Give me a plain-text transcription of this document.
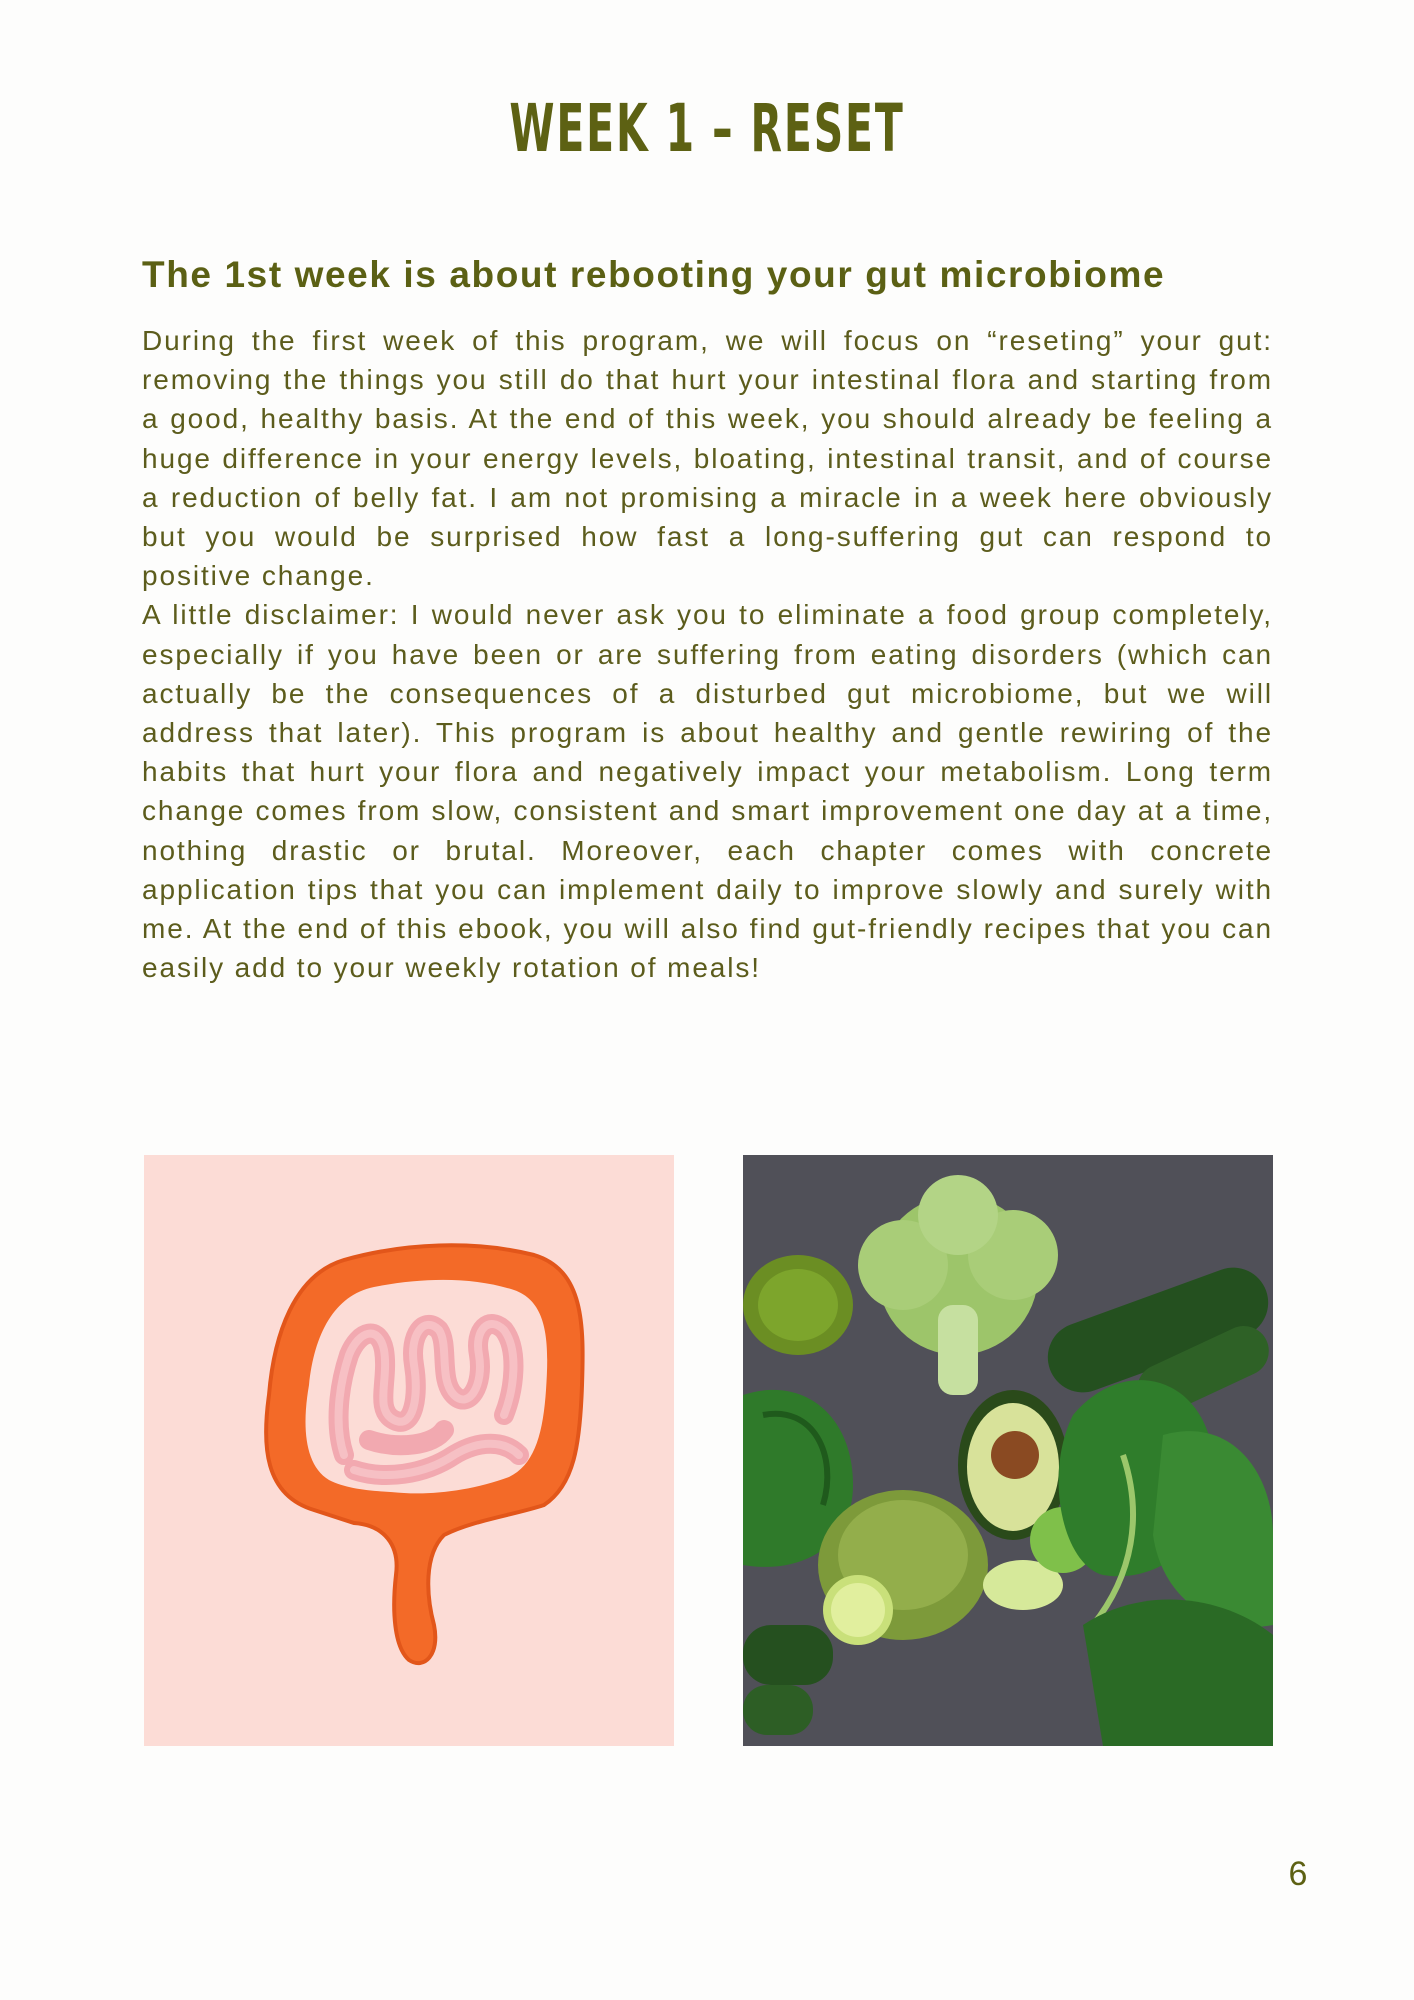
WEEK 1 – RESET
The 1st week is about rebooting your gut microbiome

During the first week of this program, we will focus on “reseting” your gut: removing the things you still do that hurt your intestinal flora and starting from a good, healthy basis. At the end of this week, you should already be feeling a huge difference in your energy levels, bloating, intestinal transit, and of course a reduction of belly fat. I am not promising a miracle in a week here obviously but you would be surprised how fast a long-suffering gut can respond to positive change.

A little disclaimer: I would never ask you to eliminate a food group completely, especially if you have been or are suffering from eating disorders (which can actually be the consequences of a disturbed gut microbiome, but we will address that later). This program is about healthy and gentle rewiring of the habits that hurt your flora and negatively impact your metabolism. Long term change comes from slow, consistent and smart improvement one day at a time, nothing drastic or brutal. Moreover, each chapter comes with concrete application tips that you can implement daily to improve slowly and surely with me. At the end of this ebook, you will also find gut-friendly recipes that you can easily add to your weekly rotation of meals!

6
